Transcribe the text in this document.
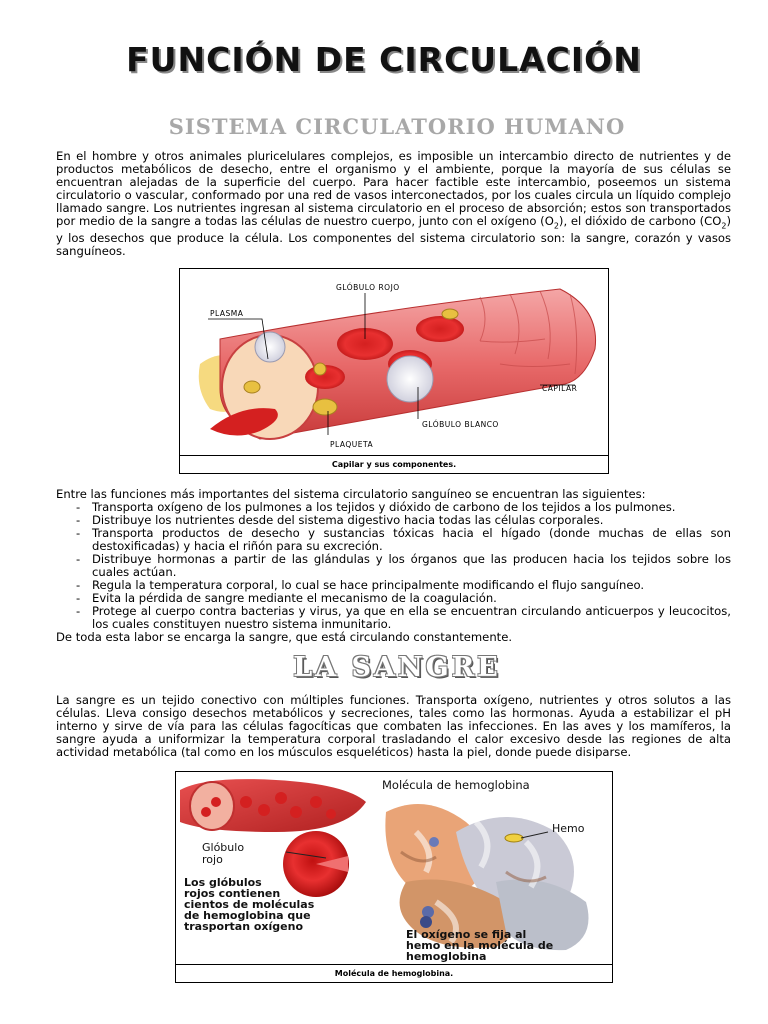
FUNCIÓN DE CIRCULACIÓN
SISTEMA CIRCULATORIO HUMANO
En el hombre y otros animales pluricelulares complejos, es imposible un intercambio directo de nutrientes y de productos metabólicos de desecho, entre el organismo y el ambiente, porque la mayoría de sus células se encuentran alejadas de la superficie del cuerpo. Para hacer factible este intercambio, poseemos un sistema circulatorio o vascular, conformado por una red de vasos interconectados, por los cuales circula un líquido complejo llamado sangre. Los nutrientes ingresan al sistema circulatorio en el proceso de absorción; estos son transportados por medio de la sangre a todas las células de nuestro cuerpo, junto con el oxígeno $(O_2)$, el dióxido de carbono $(CO_2)$ y los desechos que produce la célula. Los componentes del sistema circulatorio son: la sangre, corazón y vasos sanguíneos.
PLASMA
GLÓBULO ROJO
CAPILAR
GLÓBULO BLANCO
PLAQUETA
Capilar y sus componentes.
Entre las funciones más importantes del sistema circulatorio sanguíneo se encuentran las siguientes:
- Transporta oxígeno de los pulmones a los tejidos y dióxido de carbono de los tejidos a los pulmones.
- Distribuye los nutrientes desde del sistema digestivo hacia todas las células corporales.
- Transporta productos de desecho y sustancias tóxicas hacia el hígado (donde muchas de ellas son destoxificadas) y hacia el riñón para su excreción.
- Distribuye hormonas a partir de las glándulas y los órganos que las producen hacia los tejidos sobre los cuales actúan.
- Regula la temperatura corporal, lo cual se hace principalmente modificando el flujo sanguíneo.
- Evita la pérdida de sangre mediante el mecanismo de la coagulación.
- Protege al cuerpo contra bacterias y virus, ya que en ella se encuentran circulando anticuerpos y leucocitos, los cuales constituyen nuestro sistema inmunitario.
De toda esta labor se encarga la sangre, que está circulando constantemente.
LA SANGRE
La sangre es un tejido conectivo con múltiples funciones. Transporta oxígeno, nutrientes y otros solutos a las células. Lleva consigo desechos metabólicos y secreciones, tales como las hormonas. Ayuda a estabilizar el pH interno y sirve de vía para las células fagocíticas que combaten las infecciones. En las aves y los mamíferos, la sangre ayuda a uniformizar la temperatura corporal trasladando el calor excesivo desde las regiones de alta actividad metabólica (tal como en los músculos esqueléticos) hasta la piel, donde puede disiparse.
Molécula de hemoglobina
Hemo
Glóbulo
rojo
Los glóbulos
rojos contienen
cientos de moléculas
de hemoglobina que
trasportan oxígeno
El oxígeno se fija al
hemo en la molécula de
hemoglobina
Molécula de hemoglobina.
